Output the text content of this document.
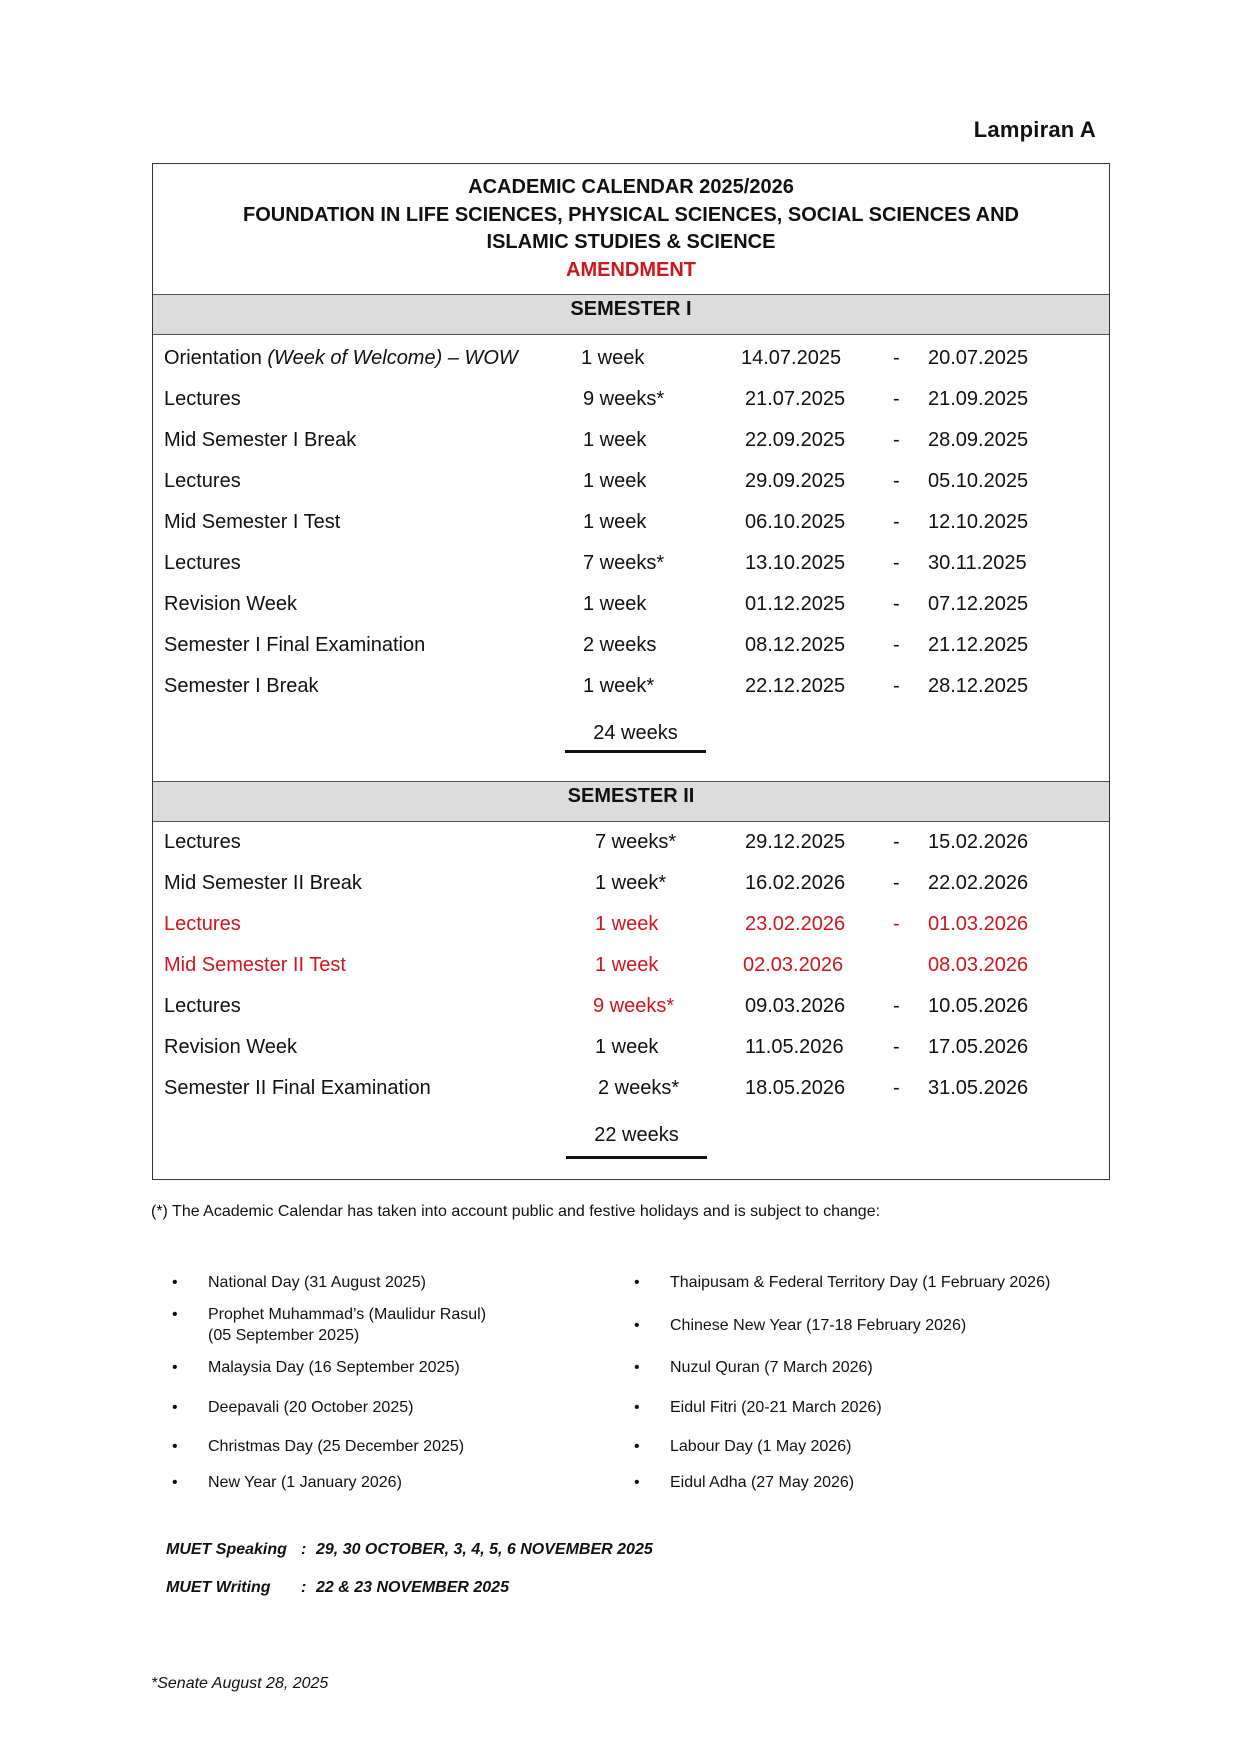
Lampiran A
ACADEMIC CALENDAR 2025/2026
FOUNDATION IN LIFE SCIENCES, PHYSICAL SCIENCES, SOCIAL SCIENCES AND
ISLAMIC STUDIES & SCIENCE
AMENDMENT
SEMESTER I
Orientation (Week of Welcome) – WOW	1 week	14.07.2025	- 20.07.2025
Lectures	9 weeks*	21.07.2025 - 21.09.2025
Mid Semester I Break	1 week	22.09.2025 - 28.09.2025
Lectures	1 week	29.09.2025 - 05.10.2025
Mid Semester I Test	1 week	06.10.2025 - 12.10.2025
Lectures	7 weeks*	13.10.2025 - 30.11.2025
Revision Week	1 week	01.12.2025 - 07.12.2025
Semester I Final Examination	2 weeks	08.12.2025 - 21.12.2025
Semester I Break	1 week*	22.12.2025 - 28.12.2025
24 weeks
SEMESTER II
Lectures	7 weeks*	29.12.2025 - 15.02.2026
Mid Semester II Break	1 week*	16.02.2026 - 22.02.2026
Lectures	1 week	23.02.2026 - 01.03.2026
Mid Semester II Test	1 week	02.03.2026	08.03.2026
Lectures	9 weeks*	09.03.2026 - 10.05.2026
Revision Week	1 week	11.05.2026 - 17.05.2026
Semester II Final Examination	2 weeks*	18.05.2026 - 31.05.2026
22 weeks
(*) The Academic Calendar has taken into account public and festive holidays and is subject to change:
• National Day (31 August 2025)
• Prophet Muhammad’s (Maulidur Rasul)
(05 September 2025)
• Malaysia Day (16 September 2025)
• Deepavali (20 October 2025)
• Christmas Day (25 December 2025)
• New Year (1 January 2026)
• Thaipusam & Federal Territory Day (1 February 2026)
• Chinese New Year (17-18 February 2026)
• Nuzul Quran (7 March 2026)
• Eidul Fitri (20-21 March 2026)
• Labour Day (1 May 2026)
• Eidul Adha (27 May 2026)
MUET Speaking : 29, 30 OCTOBER, 3, 4, 5, 6 NOVEMBER 2025
MUET Writing : 22 & 23 NOVEMBER 2025
*Senate August 28, 2025
